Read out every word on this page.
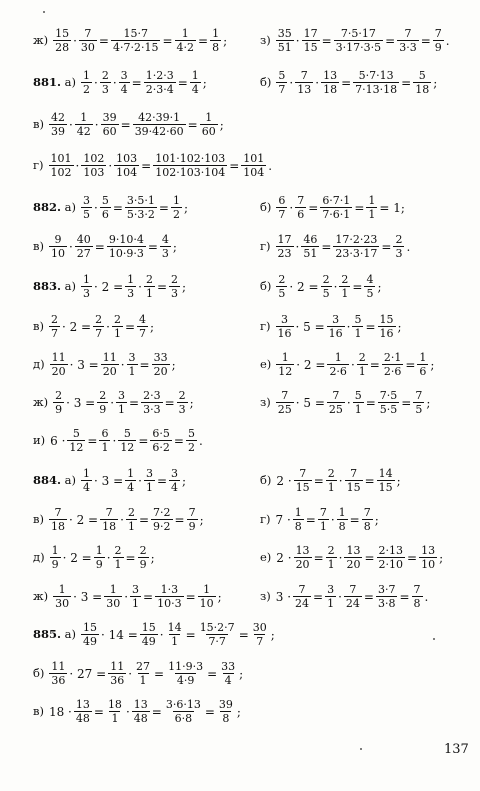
$ж) \frac{15}{28} \cdot \frac{7}{30} = \frac{15\cdot 7}{4\cdot 7\cdot 2\cdot 15} = \frac{1}{4\cdot 2} = \frac{1}{8}$ ;	$з) \frac{35}{51} \cdot \frac{17}{15} = \frac{7\cdot 5\cdot 17}{3\cdot 17\cdot 3\cdot 5} = \frac{7}{3\cdot 3} = \frac{7}{9}$ .
881. $а) \frac{1}{2} \cdot \frac{2}{3} \cdot \frac{3}{4} = \frac{1\cdot 2\cdot 3}{2\cdot 3\cdot 4} = \frac{1}{4}$ ;	$б) \frac{5}{7} \cdot \frac{7}{13} \cdot \frac{13}{18} = \frac{5\cdot 7\cdot 13}{7\cdot 13\cdot 18} = \frac{5}{18}$ ;
$в) \frac{42}{39} \cdot \frac{1}{42} \cdot \frac{39}{60} = \frac{42\cdot 39\cdot 1}{39\cdot 42\cdot 60} = \frac{1}{60}$ ;
$г) \frac{101}{102} \cdot \frac{102}{103} \cdot \frac{103}{104} = \frac{101\cdot 102\cdot 103}{102\cdot 103\cdot 104} = \frac{101}{104}$ .
882. $а) \frac{3}{5} \cdot \frac{5}{6} = \frac{3\cdot 5\cdot 1}{5\cdot 3\cdot 2} = \frac{1}{2}$ ;	$б) \frac{6}{7} \cdot \frac{7}{6} = \frac{6\cdot 7\cdot 1}{7\cdot 6\cdot 1} = \frac{1}{1} = 1$;
$в) \frac{9}{10} \cdot \frac{40}{27} = \frac{9\cdot 10\cdot 4}{10\cdot 9\cdot 3} = \frac{4}{3}$ ;	$г) \frac{17}{23} \cdot \frac{46}{51} = \frac{17\cdot 2\cdot 23}{23\cdot 3\cdot 17} = \frac{2}{3}$ .
883. $а) \frac{1}{3} \cdot 2 = \frac{1}{3} \cdot \frac{2}{1} = \frac{2}{3}$ ;	$б) \frac{2}{5} \cdot 2 = \frac{2}{5} \cdot \frac{2}{1} = \frac{4}{5}$ ;
$в) \frac{2}{7} \cdot 2 = \frac{2}{7} \cdot \frac{2}{1} = \frac{4}{7}$ ;	$г) \frac{3}{16} \cdot 5 = \frac{3}{16} \cdot \frac{5}{1} = \frac{15}{16}$ ;
$д) \frac{11}{20} \cdot 3 = \frac{11}{20} \cdot \frac{3}{1} = \frac{33}{20}$ ;	$е) \frac{1}{12} \cdot 2 = \frac{1}{2\cdot 6} \cdot \frac{2}{1} = \frac{2\cdot 1}{2\cdot 6} = \frac{1}{6}$ ;
$ж) \frac{2}{9} \cdot 3 = \frac{2}{9} \cdot \frac{3}{1} = \frac{2\cdot 3}{3\cdot 3} = \frac{2}{3}$ ;	$з) \frac{7}{25} \cdot 5 = \frac{7}{25} \cdot \frac{5}{1} = \frac{7\cdot 5}{5\cdot 5} = \frac{7}{5}$ ;
и) $6 \cdot \frac{5}{12} = \frac{6}{1} \cdot \frac{5}{12} = \frac{6\cdot 5}{6\cdot 2} = \frac{5}{2}$ .
884. $а) \frac{1}{4} \cdot 3 = \frac{1}{4} \cdot \frac{3}{1} = \frac{3}{4}$ ;	б) $2 \cdot \frac{7}{15} = \frac{2}{1} \cdot \frac{7}{15} = \frac{14}{15}$ ;
$в) \frac{7}{18} \cdot 2 = \frac{7}{18} \cdot \frac{2}{1} = \frac{7\cdot 2}{9\cdot 2} = \frac{7}{9}$ ;	г) $7 \cdot \frac{1}{8} = \frac{7}{1} \cdot \frac{1}{8} = \frac{7}{8}$ ;
$д) \frac{1}{9} \cdot 2 = \frac{1}{9} \cdot \frac{2}{1} = \frac{2}{9}$ ;	е) $2 \cdot \frac{13}{20} = \frac{2}{1} \cdot \frac{13}{20} = \frac{2\cdot 13}{2\cdot 10} = \frac{13}{10}$ ;
$ж) \frac{1}{30} \cdot 3 = \frac{1}{30} \cdot \frac{3}{1} = \frac{1\cdot 3}{10\cdot 3} = \frac{1}{10}$ ;	з) $3 \cdot \frac{7}{24} = \frac{3}{1} \cdot \frac{7}{24} = \frac{3\cdot 7}{3\cdot 8} = \frac{7}{8}$ .
885. $а) \frac{15}{49} \cdot 14 = \frac{15}{49} \cdot \frac{14}{1} = \frac{15\cdot 2\cdot 7}{7\cdot 7} = \frac{30}{7}$ ;
$б) \frac{11}{36} \cdot 27 = \frac{11}{36} \cdot \frac{27}{1} = \frac{11\cdot 9\cdot 3}{4\cdot 9} = \frac{33}{4}$ ;
в) $18 \cdot \frac{13}{48} = \frac{18}{1} \cdot \frac{13}{48} = \frac{3\cdot 6\cdot 13}{6\cdot 8} = \frac{39}{8}$ ;
137
